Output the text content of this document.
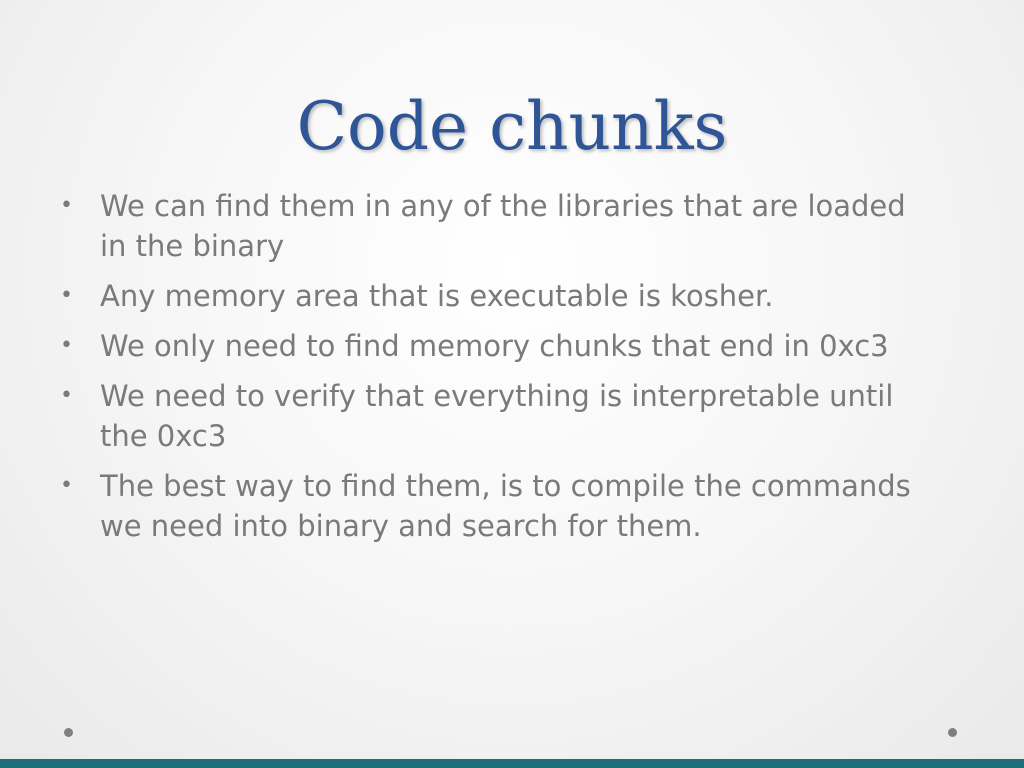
Code chunks
• We can find them in any of the libraries that are loaded in the binary
• Any memory area that is executable is kosher.
• We only need to find memory chunks that end in 0xc3
• We need to verify that everything is interpretable until the 0xc3
• The best way to find them, is to compile the commands we need into binary and search for them.
